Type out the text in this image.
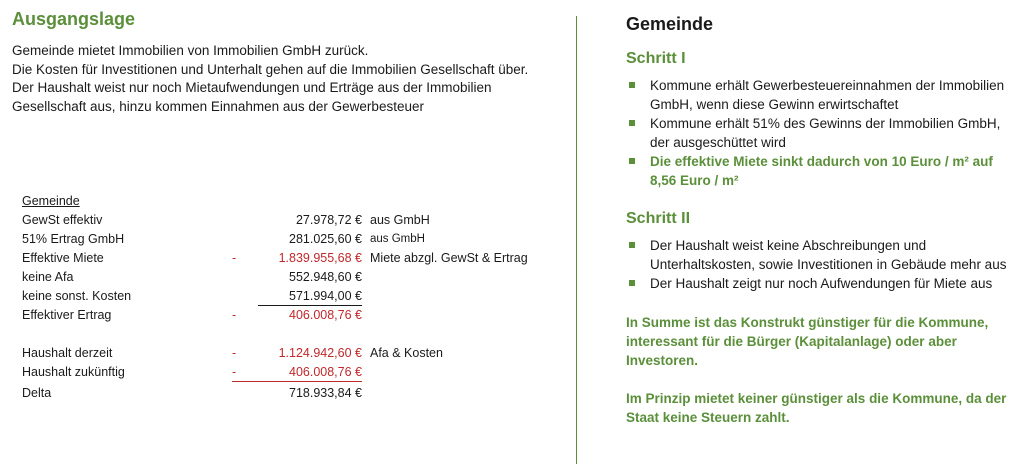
Ausgangslage

Gemeinde mietet Immobilien von Immobilien GmbH zurück.

Die Kosten für Investitionen und Unterhalt gehen auf die Immobilien Gesellschaft über.

Der Haushalt weist nur noch Mietaufwendungen und Erträge aus der Immobilien Gesellschaft aus, hinzu kommen Einnahmen aus der Gewerbesteuer

Gemeinde
GewSt effektiv	27.978,72 € aus GmbH
51% Ertrag GmbH	281.025,60 € aus GmbH
Effektive Miete	-	1.839.955,68 € Miete abzgl. GewSt & Ertrag
keine Afa	552.948,60 €
keine sonst. Kosten	571.994,00 €
Effektiver Ertrag	-	406.008,76 €
Haushalt derzeit	-	1.124.942,60 € Afa & Kosten
Haushalt zukünftig	-	406.008,76 €
Delta	718.933,84 €
Gemeinde
Schritt I
Kommune erhält Gewerbesteuereinnahmen der Immobilien GmbH, wenn diese Gewinn erwirtschaftet
Kommune erhält 51% des Gewinns der Immobilien GmbH, der ausgeschüttet wird
Die effektive Miete sinkt dadurch von 10 Euro / m² auf 8,56 Euro / m²
Schritt II
Der Haushalt weist keine Abschreibungen und Unterhaltskosten, sowie Investitionen in Gebäude mehr aus
Der Haushalt zeigt nur noch Aufwendungen für Miete aus

In Summe ist das Konstrukt günstiger für die Kommune, interessant für die Bürger (Kapitalanlage) oder aber Investoren.

Im Prinzip mietet keiner günstiger als die Kommune, da der Staat keine Steuern zahlt.
